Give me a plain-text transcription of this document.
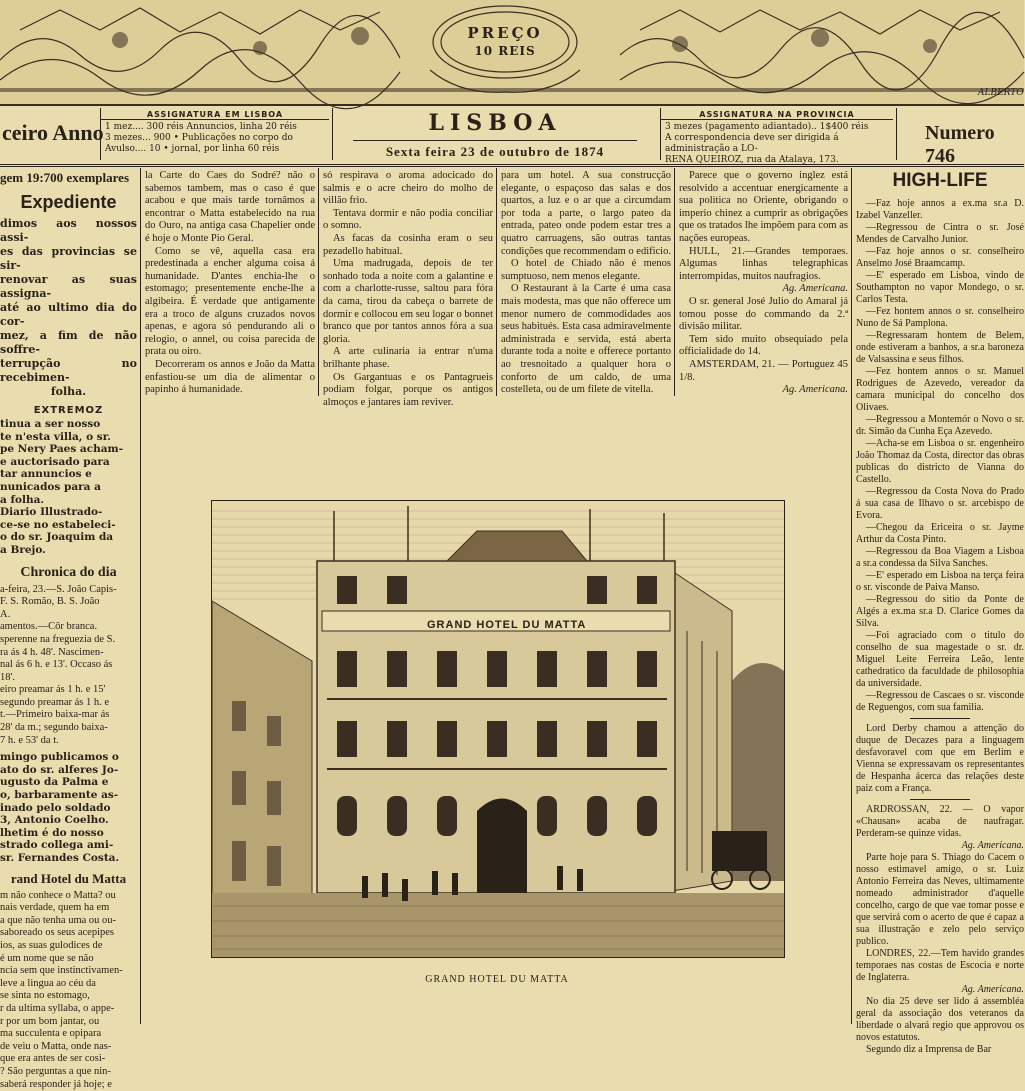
PREÇO
10 REIS
ALBERTO
ceiro Anno
ASSIGNATURA EM LISBOA
1 mez.... 300 réis Annuncios, linha 20 réis
3 mezes... 900 • Publicações no corpo do
Avulso.... 10 • jornal, por linha 60 réis
LISBOA
Sexta feira 23 de outubro de 1874
ASSIGNATURA NA PROVINCIA
3 mezes (pagamento adiantado).. 1$400 réis
A correspondencia deve ser dirigida á administração a LO-
RENA QUEIROZ, rua da Atalaya, 173.
Numero 746
gem 19:700 exemplares
Expediente
dimos aos nossos assi-
es das provincias se sir-
renovar as suas assigna-
até ao ultimo dia do cor-
mez, a fim de não soffre-
terrupção no recebimen-
folha.
EXTREMOZ
tinua a ser nosso
te n'esta villa, o sr.
pe Nery Paes acham-
e auctorisado para
tar annuncios e
nunicados para a
a folha.
Diario Illustrado-
ce-se no estabeleci-
o do sr. Joaquim da
a Brejo.
Chronica do dia
a-feira, 23.—S. João Capis-
F. S. Romão, B. S. João
A.
amentos.—Côr branca.
sperenne na freguezia de S.
ra ás 4 h. 48'. Nascimen-
nal ás 6 h. e 13'. Occaso ás
18'.
eiro preamar ás 1 h. e 15'
segundo preamar ás 1 h. e
t.—Primeiro baixa-mar ás
28' da m.; segundo baixa-
7 h. e 53' da t.
mingo publicamos o
ato do sr. alferes Jo-
ugusto da Palma e
o, barbaramente as-
inado pelo soldado
3, Antonio Coelho.
lhetim é do nosso
strado collega ami-
sr. Fernandes Costa.
rand Hotel du Matta
m não conhece o Matta? ou
nais verdade, quem ha em
a que não tenha uma ou ou-
saboreado os seus acepipes
ios, as suas gulodices de
é um nome que se não
ncia sem que instinctivamen-
leve a lingua ao céu da
se sinta no estomago,
r da ultima syllaba, o appe-
r por um bom jantar, ou
ma succulenta e opipara
de veiu o Matta, onde nas-
que era antes de ser cosi-
? São perguntas a que nin-
saberá responder já hoje; e

la Carte do Caes do Sodré? não o sabemos tambem, mas o caso é que acabou e que mais tarde tornâmos a encontrar o Matta estabelecido na rua do Ouro, na antiga casa Chapelier onde é hoje o Monte Pio Geral.

Como se vê, aquella casa era predestinada a encher alguma coisa á humanidade. D'antes enchia-lhe o estomago; presentemente enche-lhe a algibeira. É verdade que antigamente era a troco de alguns cruzados novos apenas, e agora só pendurando ali o relogio, o annel, ou coisa parecida de prata ou oiro.

Decorreram os annos e João da Matta enfastiou-se um dia de alimentar o papinho á humanidade.

só respirava o aroma adocicado do salmis e o acre cheiro do molho de villão frio.

Tentava dormir e não podia conciliar o somno.

As facas da cosinha eram o seu pezadello habitual.

Uma madrugada, depois de ter sonhado toda a noite com a galantine e com a charlotte-russe, saltou para fóra da cama, tirou da cabeça o barrete de dormir e collocou em seu logar o bonnet branco que por tantos annos fóra a sua gloria.

A arte culinaria ia entrar n'uma brilhante phase.

Os Gargantuas e os Pantagrueis podiam folgar, porque os antigos almoços e jantares iam reviver.

para um hotel. A sua construcção elegante, o espaçoso das salas e dos quartos, a luz e o ar que a circumdam por toda a parte, o largo pateo da entrada, pateo onde podem estar tres a quatro carruagens, são outras tantas condições que recommendam o edificio.

O hotel de Chiado não é menos sumptuoso, nem menos elegante.

O Restaurant à la Carte é uma casa mais modesta, mas que não offerece um menor numero de commodidades aos seus habitués. Esta casa admiravelmente administrada e servida, está aberta durante toda a noite e offerece portanto ao tresnoitado a qualquer hora o conforto de um caldo, de uma costelleta, ou de um filete de vitella.

Parece que o governo inglez está resolvido a accentuar energicamente a sua politica no Oriente, obrigando o imperio chinez a cumprir as obrigações que os tratados lhe impõem para com as nações europeas.

HULL, 21.—Grandes temporaes. Algumas linhas telegraphicas interrompidas, muitos naufragios.

Ag. Americana.

O sr. general José Julio do Amaral já tomou posse do commando da 2.ª divisão militar.

Tem sido muito obsequiado pela officialidade do 14.

AMSTERDAM, 21. — Portuguez 45 1/8.

Ag. Americana.
HIGH-LIFE

—Faz hoje annos a ex.ma sr.a D. Izabel Vanzeller.

—Regressou de Cintra o sr. José Mendes de Carvalho Junior.

—Faz hoje annos o sr. conselheiro Anselmo José Braamcamp.

—E' esperado em Lisboa, vindo de Southampton no vapor Mondego, o sr. Carlos Testa.

—Fez hontem annos o sr. conselheiro Nuno de Sá Pamplona.

—Regressaram hontem de Belem, onde estiveram a banhos, a sr.a baroneza de Valsassina e seus filhos.

—Fez hontem annos o sr. Manuel Rodrigues de Azevedo, vereador da camara municipal do concelho dos Olivaes.

—Regressou a Montemór o Novo o sr. dr. Simão da Cunha Eça Azevedo.

—Acha-se em Lisboa o sr. engenheiro João Thomaz da Costa, director das obras publicas do districto de Vianna do Castello.

—Regressou da Costa Nova do Prado á sua casa de Ilhavo o sr. arcebispo de Evora.

—Chegou da Ericeira o sr. Jayme Arthur da Costa Pinto.

—Regressou da Boa Viagem a Lisboa a sr.a condessa da Silva Sanches.

—E' esperado em Lisboa na terça feira o sr. visconde de Paiva Manso.

—Regressou do sitio da Ponte de Algés a ex.ma sr.a D. Clarice Gomes da Silva.

—Foi agraciado com o titulo do conselho de sua magestade o sr. dr. Miguel Leite Ferreira Leão, lente cathedratico da faculdade de philosophia da universidade.

—Regressou de Cascaes o sr. visconde de Reguengos, com sua familia.

Lord Derby chamou a attenção do duque de Decazes para a linguagem desfavoravel com que em Berlim e Vienna se expressavam os representantes de Hespanha ácerca das relações deste paiz com a França.

ARDROSSAN, 22. — O vapor «Chausan» acaba de naufragar. Perderam-se quinze vidas.

Ag. Americana.

Parte hoje para S. Thiago do Cacem o nosso estimavel amigo, o sr. Luiz Antonio Ferreira das Neves, ultimamente nomeado administrador d'aquelle concelho, cargo de que vae tomar posse e que servirá com o acerto de que é capaz a sua illustração e zelo pelo serviço publico.

LONDRES, 22.—Tem havido grandes temporaes nas costas de Escocia e norte de Inglaterra.

Ag. Americana.

No dia 25 deve ser lido á assembléa geral da associação dos veteranos da liberdade o alvará regio que approvou os novos estatutos.

Segundo diz a Imprensa de Bar

GRAND HOTEL DU MATTA
GRAND HOTEL DU MATTA
